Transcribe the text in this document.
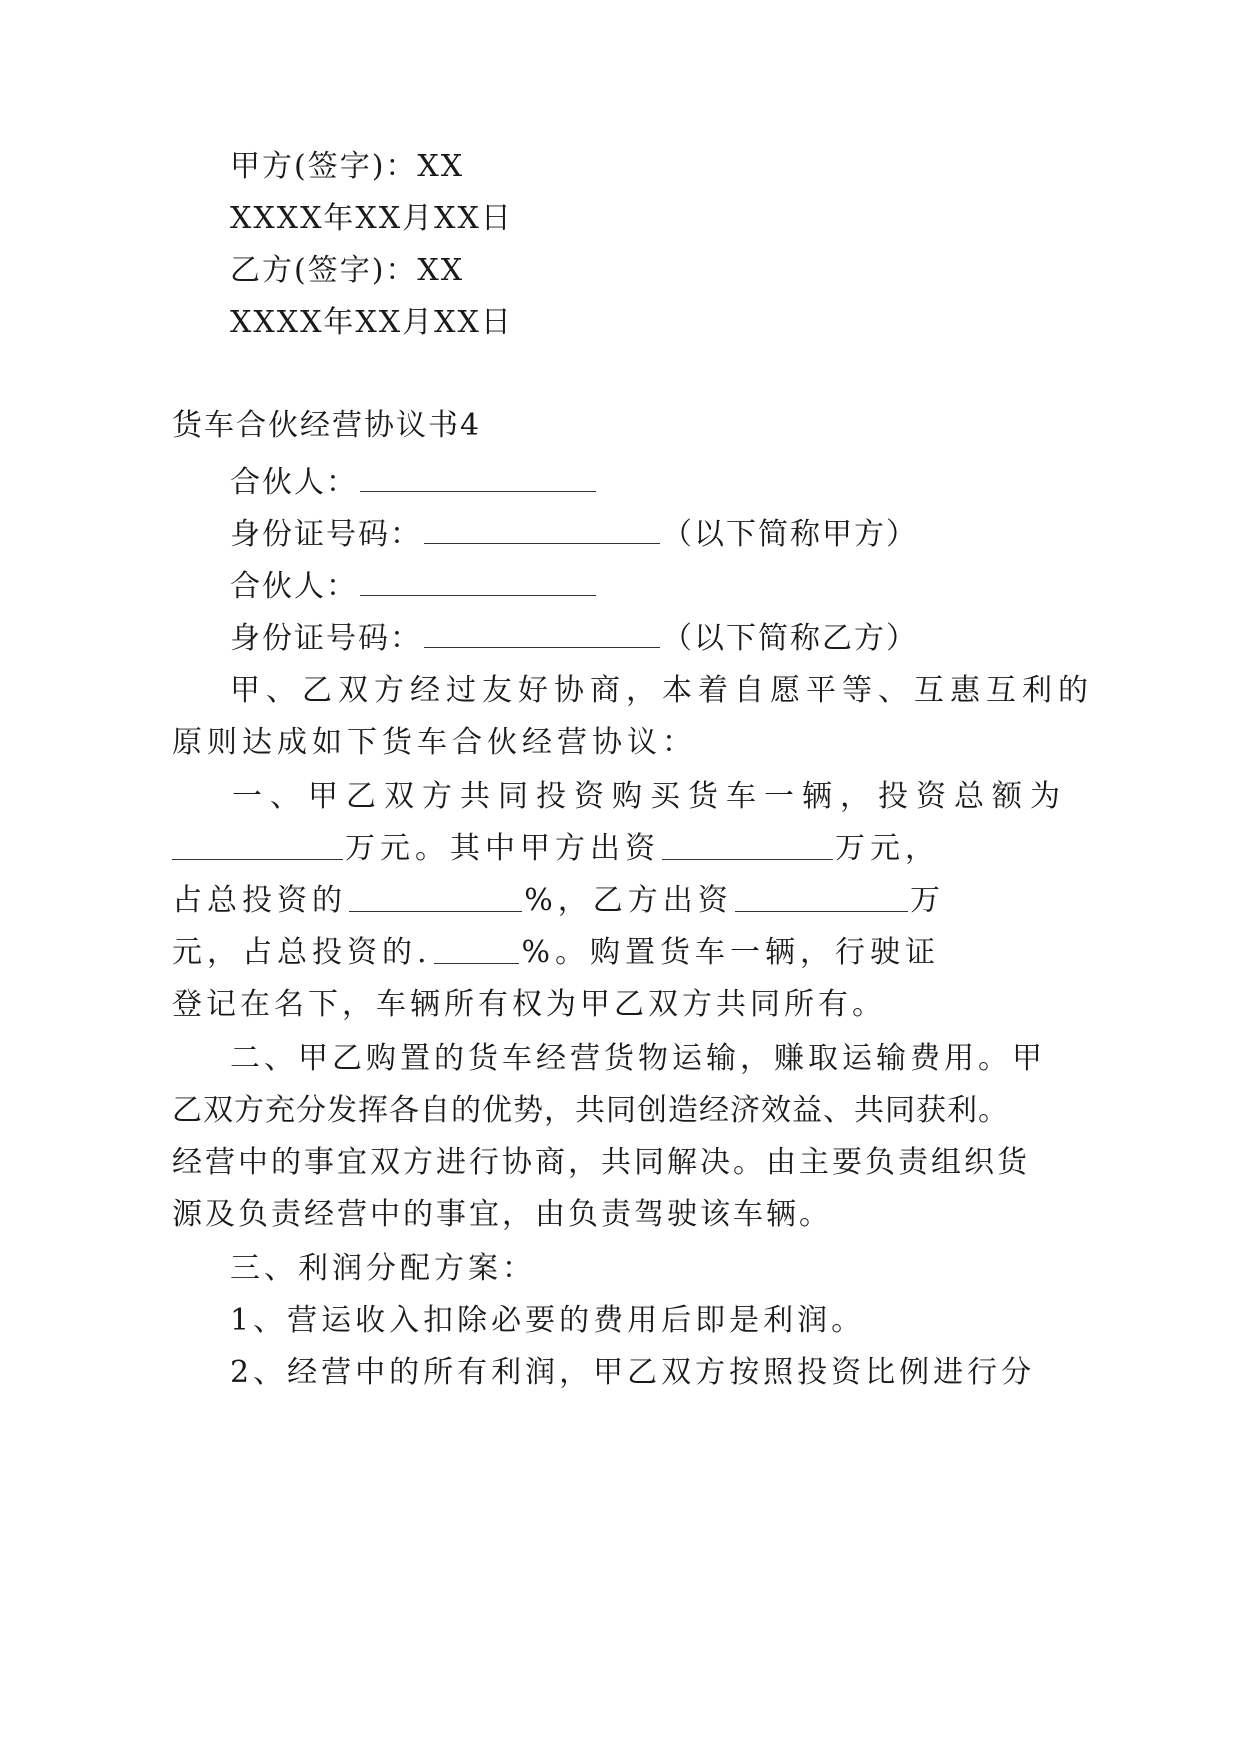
甲方(签字)：XX
XXXX年XX月XX日
乙方(签字)：XX
XXXX年XX月XX日
货车合伙经营协议书4
合伙人：
身份证号码：	（以下简称甲方）
合伙人：
身份证号码：	（以下简称乙方）
甲、乙双方经过友好协商，本着自愿平等、互惠互利的
原则达成如下货车合伙经营协议：
一、甲乙双方共同投资购买货车一辆，投资总额为
万元。其中甲方出资	万元，
占总投资的	%，乙方出资	万
元，占总投资的.	%。购置货车一辆，行驶证
登记在名下，车辆所有权为甲乙双方共同所有。
二、甲乙购置的货车经营货物运输，赚取运输费用。甲
乙双方充分发挥各自的优势，共同创造经济效益、共同获利。
经营中的事宜双方进行协商，共同解决。由主要负责组织货
源及负责经营中的事宜，由负责驾驶该车辆。
三、利润分配方案：
1、营运收入扣除必要的费用后即是利润。
2、经营中的所有利润，甲乙双方按照投资比例进行分
